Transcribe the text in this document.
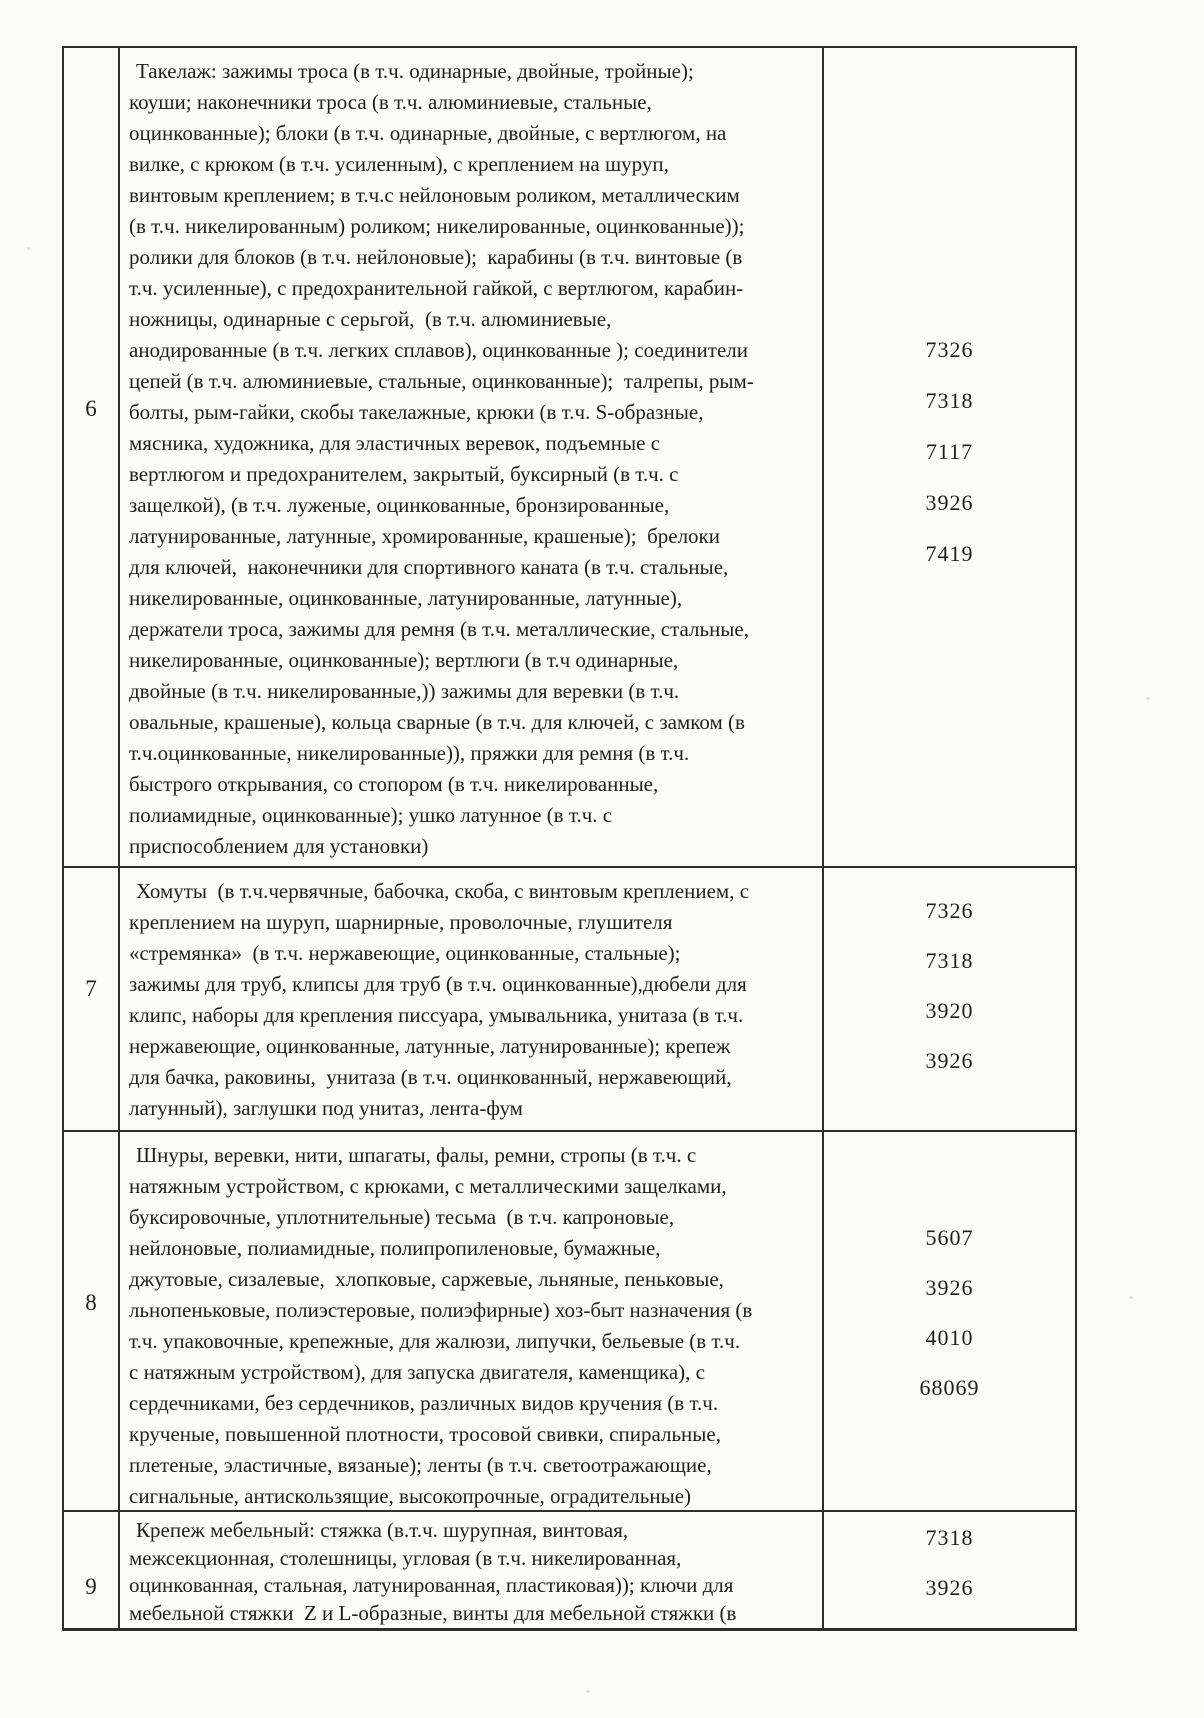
6
Такелаж: зажимы троса (в т.ч. одинарные, двойные, тройные);
коуши; наконечники троса (в т.ч. алюминиевые, стальные,
оцинкованные); блоки (в т.ч. одинарные, двойные, с вертлюгом, на
вилке, с крюком (в т.ч. усиленным), с креплением на шуруп,
винтовым креплением; в т.ч.с нейлоновым роликом, металлическим
(в т.ч. никелированным) роликом; никелированные, оцинкованные));
ролики для блоков (в т.ч. нейлоновые);  карабины (в т.ч. винтовые (в
т.ч. усиленные), с предохранительной гайкой, с вертлюгом, карабин-
ножницы, одинарные с серьгой,  (в т.ч. алюминиевые,
анодированные (в т.ч. легких сплавов), оцинкованные ); соединители
цепей (в т.ч. алюминиевые, стальные, оцинкованные);  талрепы, рым-
болты, рым-гайки, скобы такелажные, крюки (в т.ч. S-образные,
мясника, художника, для эластичных веревок, подъемные с
вертлюгом и предохранителем, закрытый, буксирный (в т.ч. с
защелкой), (в т.ч. луженые, оцинкованные, бронзированные,
латунированные, латунные, хромированные, крашеные);  брелоки
для ключей,  наконечники для спортивного каната (в т.ч. стальные,
никелированные, оцинкованные, латунированные, латунные),
держатели троса, зажимы для ремня (в т.ч. металлические, стальные,
никелированные, оцинкованные); вертлюги (в т.ч одинарные,
двойные (в т.ч. никелированные,)) зажимы для веревки (в т.ч.
овальные, крашеные), кольца сварные (в т.ч. для ключей, с замком (в
т.ч.оцинкованные, никелированные)), пряжки для ремня (в т.ч.
быстрого открывания, со стопором (в т.ч. никелированные,
полиамидные, оцинкованные); ушко латунное (в т.ч. с
приспособлением для установки)
7326
7318
7117
3926
7419
7
Хомуты  (в т.ч.червячные, бабочка, скоба, с винтовым креплением, с
креплением на шуруп, шарнирные, проволочные, глушителя
«стремянка»  (в т.ч. нержавеющие, оцинкованные, стальные);
зажимы для труб, клипсы для труб (в т.ч. оцинкованные),дюбели для
клипс, наборы для крепления писсуара, умывальника, унитаза (в т.ч.
нержавеющие, оцинкованные, латунные, латунированные); крепеж
для бачка, раковины,  унитаза (в т.ч. оцинкованный, нержавеющий,
латунный), заглушки под унитаз, лента-фум
7326
7318
3920
3926
8
Шнуры, веревки, нити, шпагаты, фалы, ремни, стропы (в т.ч. с
натяжным устройством, с крюками, с металлическими защелками,
буксировочные, уплотнительные) тесьма  (в т.ч. капроновые,
нейлоновые, полиамидные, полипропиленовые, бумажные,
джутовые, сизалевые,  хлопковые, саржевые, льняные, пеньковые,
льнопеньковые, полиэстеровые, полиэфирные) хоз-быт назначения (в
т.ч. упаковочные, крепежные, для жалюзи, липучки, бельевые (в т.ч.
с натяжным устройством), для запуска двигателя, каменщика), с
сердечниками, без сердечников, различных видов кручения (в т.ч.
крученые, повышенной плотности, тросовой свивки, спиральные,
плетеные, эластичные, вязаные); ленты (в т.ч. светоотражающие,
сигнальные, антискользящие, высокопрочные, оградительные)
5607
3926
4010
68069
9
Крепеж мебельный: стяжка (в.т.ч. шурупная, винтовая,
межсекционная, столешницы, угловая (в т.ч. никелированная,
оцинкованная, стальная, латунированная, пластиковая)); ключи для
мебельной стяжки  Z и L-образные, винты для мебельной стяжки (в
7318
3926
